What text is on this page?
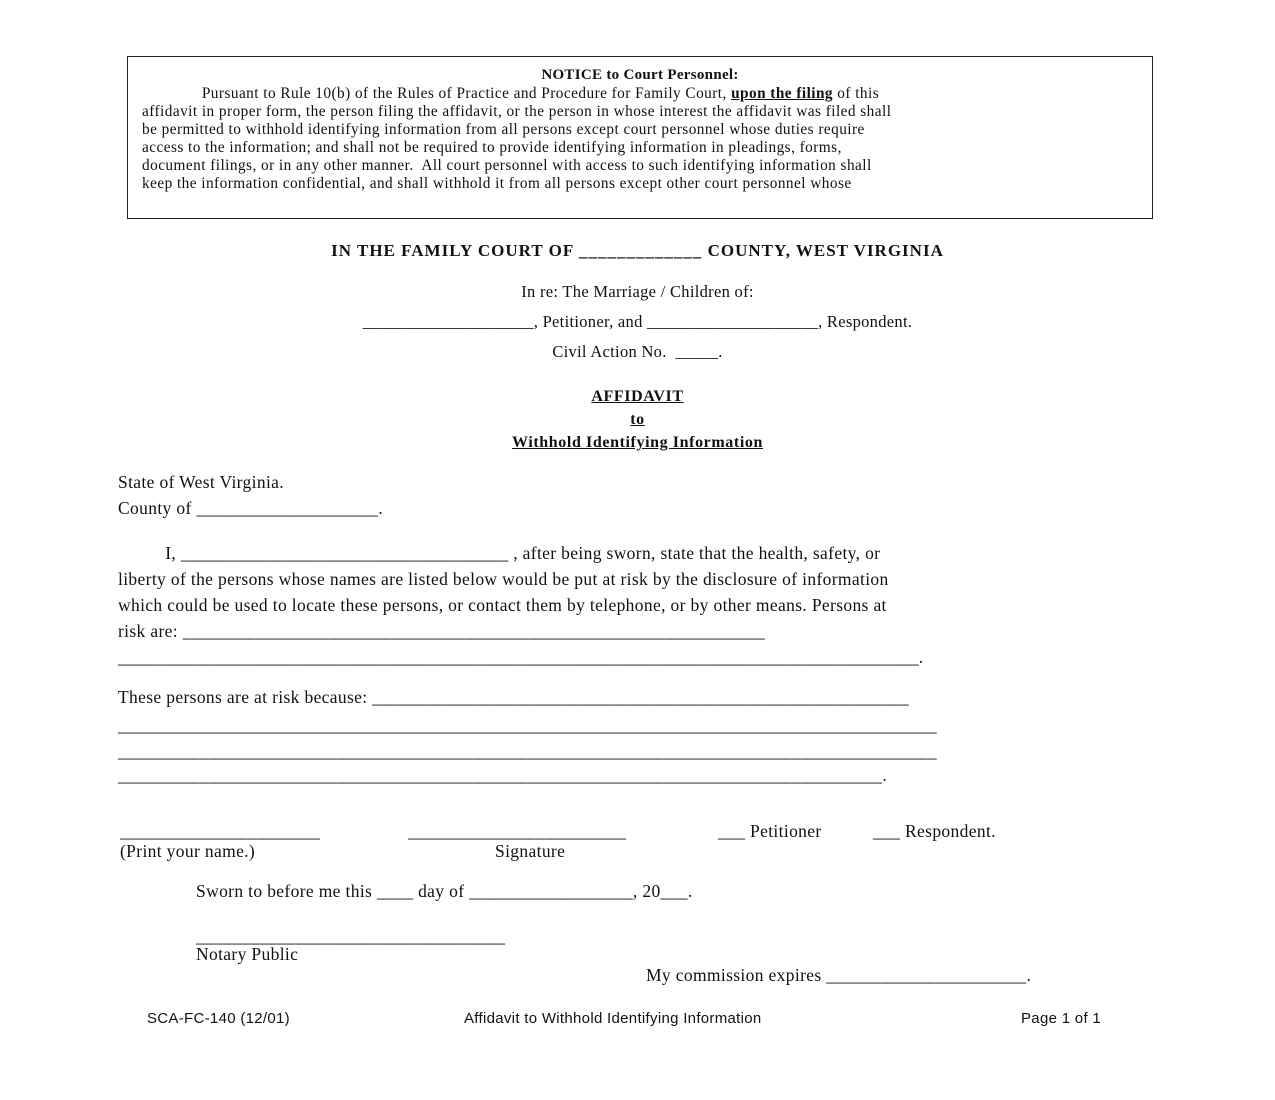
NOTICE to Court Personnel:
Pursuant to Rule 10(b) of the Rules of Practice and Procedure for Family Court, upon the filing of this
affidavit in proper form, the person filing the affidavit, or the person in whose interest the affidavit was filed shall
be permitted to withhold identifying information from all persons except court personnel whose duties require
access to the information; and shall not be required to provide identifying information in pleadings, forms,
document filings, or in any other manner.  All court personnel with access to such identifying information shall
keep the information confidential, and shall withhold it from all persons except other court personnel whose
IN THE FAMILY COURT OF _____________ COUNTY, WEST VIRGINIA
In re: The Marriage / Children of:
____________________, Petitioner, and ____________________, Respondent.
Civil Action No.  _____.
AFFIDAVIT
to
Withhold Identifying Information
State of West Virginia.
County of ____________________.
I, ____________________________________ , after being sworn, state that the health, safety, or
liberty of the persons whose names are listed below would be put at risk by the disclosure of information
which could be used to locate these persons, or contact them by telephone, or by other means. Persons at
risk are: ________________________________________________________________
________________________________________________________________________________________.
These persons are at risk because: ___________________________________________________________
__________________________________________________________________________________________
__________________________________________________________________________________________
____________________________________________________________________________________.
______________________	________________________	___ Petitioner	___ Respondent.
(Print your name.)	Signature
Sworn to before me this ____ day of __________________, 20___.
__________________________________
Notary Public
My commission expires ______________________.
SCA-FC-140 (12/01)	Affidavit to Withhold Identifying Information	Page 1 of 1
